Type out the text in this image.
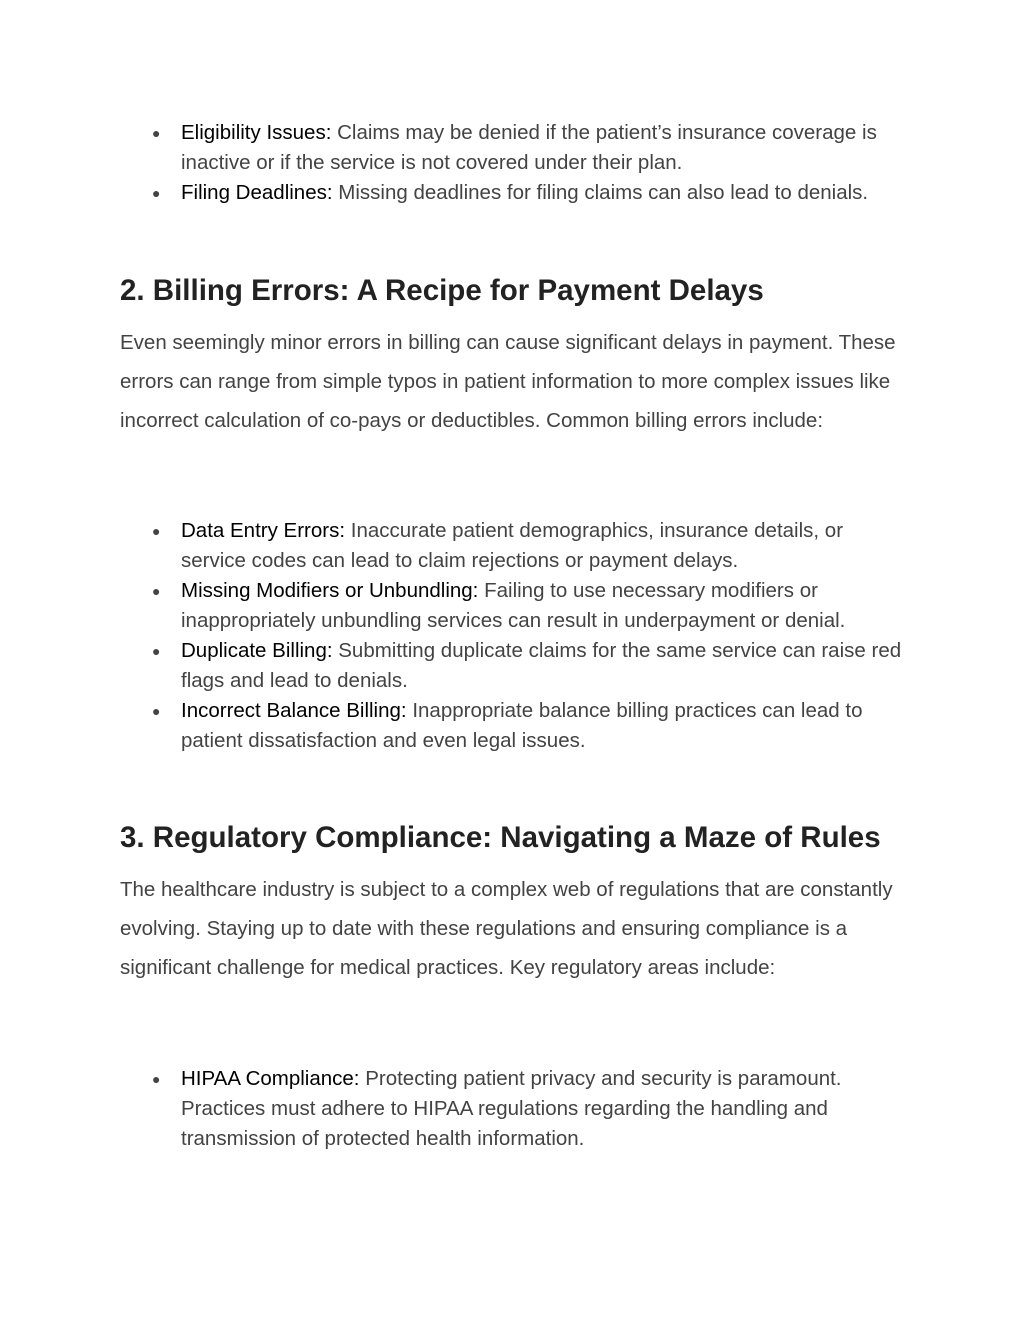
● Eligibility Issues: Claims may be denied if the patient’s insurance coverage is inactive or if the service is not covered under their plan.
● Filing Deadlines: Missing deadlines for filing claims can also lead to denials.
2. Billing Errors: A Recipe for Payment Delays

Even seemingly minor errors in billing can cause significant delays in payment. These errors can range from simple typos in patient information to more complex issues like incorrect calculation of co-pays or deductibles. Common billing errors include:

● Data Entry Errors: Inaccurate patient demographics, insurance details, or service codes can lead to claim rejections or payment delays.
● Missing Modifiers or Unbundling: Failing to use necessary modifiers or inappropriately unbundling services can result in underpayment or denial.
● Duplicate Billing: Submitting duplicate claims for the same service can raise red flags and lead to denials.
● Incorrect Balance Billing: Inappropriate balance billing practices can lead to patient dissatisfaction and even legal issues.
3. Regulatory Compliance: Navigating a Maze of Rules

The healthcare industry is subject to a complex web of regulations that are constantly evolving. Staying up to date with these regulations and ensuring compliance is a significant challenge for medical practices. Key regulatory areas include:

● HIPAA Compliance: Protecting patient privacy and security is paramount. Practices must adhere to HIPAA regulations regarding the handling and transmission of protected health information.
